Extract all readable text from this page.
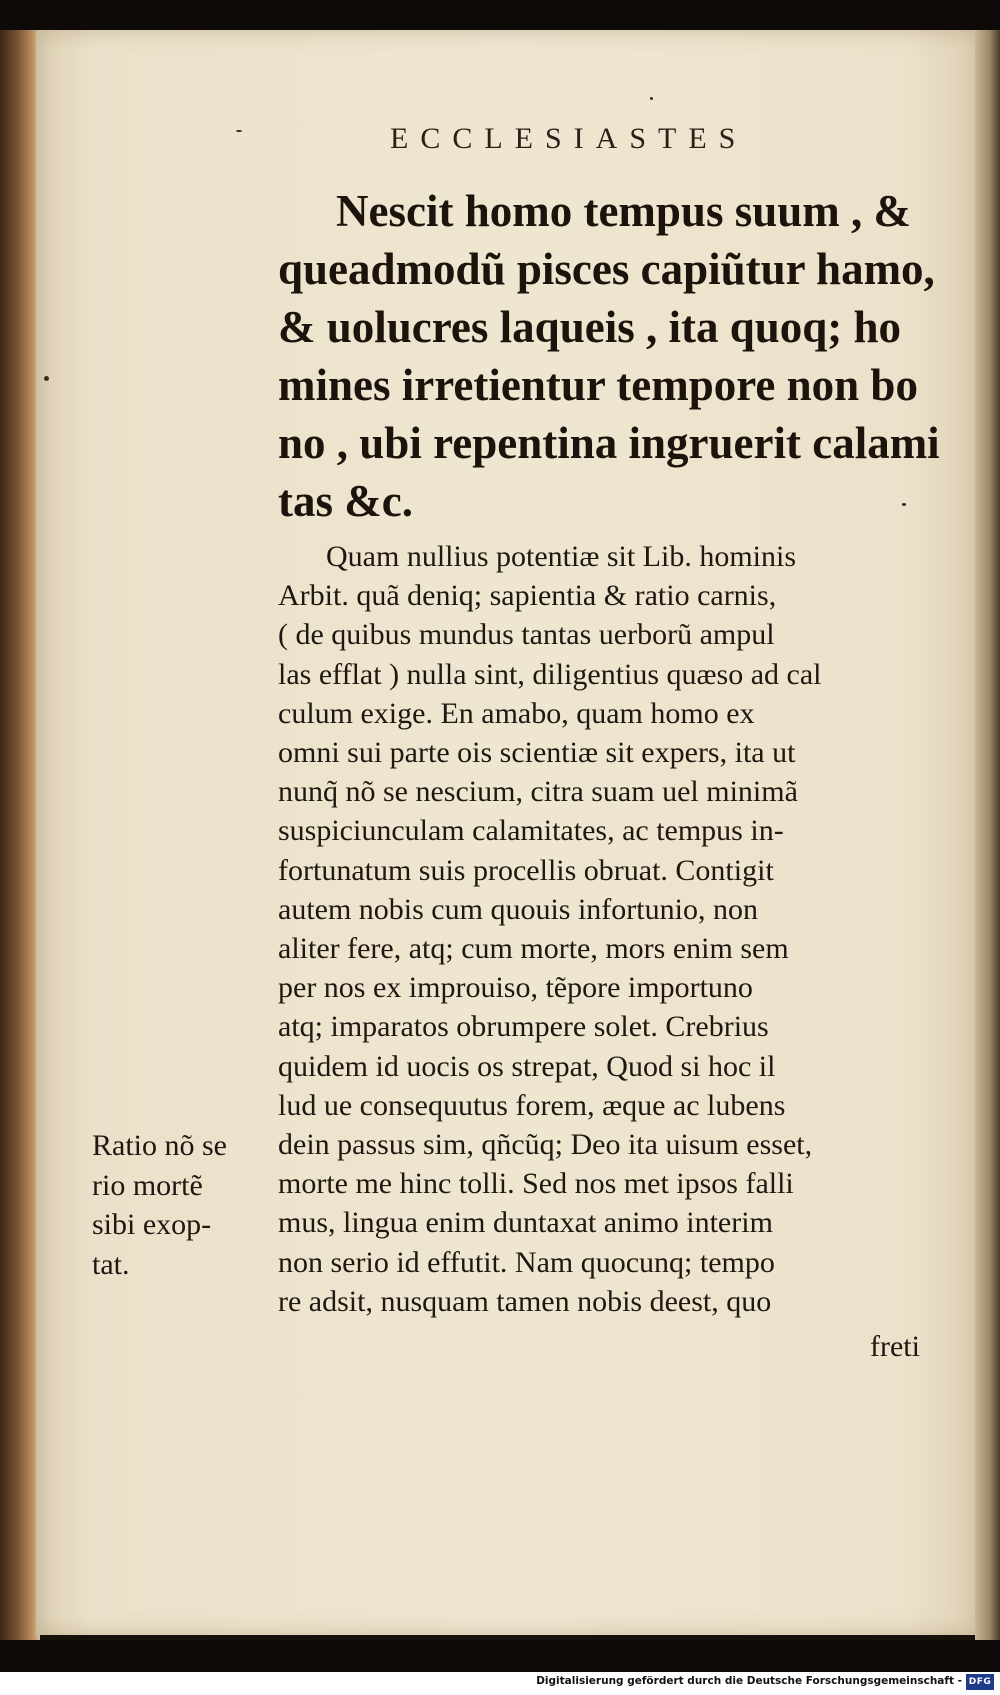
ECCLESIASTES
Nescit homo tempus suum , &
queadmodũ pisces capiũtur hamo,
& uolucres laqueis , ita quoq; ho
mines irretientur tempore non bo
no , ubi repentina ingruerit calami
tas &c.
Quam nullius potentiæ sit Lib. hominis
Arbit. quã deniq; sapientia & ratio carnis,
( de quibus mundus tantas uerborũ ampul
las efflat ) nulla sint, diligentius quæso ad cal
culum exige. En amabo, quam homo ex
omni sui parte ois scientiæ sit expers, ita ut
nunq̃ nõ se nescium, citra suam uel minimã
suspiciunculam calamitates, ac tempus in-
fortunatum suis procellis obruat. Contigit
autem nobis cum quouis infortunio, non
aliter fere, atq; cum morte, mors enim sem
per nos ex improuiso, tẽpore importuno
atq; imparatos obrumpere solet. Crebrius
quidem id uocis os strepat, Quod si hoc il
lud ue consequutus forem, æque ac lubens
dein passus sim, qñcũq; Deo ita uisum esset,
morte me hinc tolli. Sed nos met ipsos falli
mus, lingua enim duntaxat animo interim
non serio id effutit. Nam quocunq; tempo
re adsit, nusquam tamen nobis deest, quo
freti
Ratio nõ se
rio mortẽ
sibi exop-
tat.
Digitalisierung gefördert durch die Deutsche Forschungsgemeinschaft - DFG
